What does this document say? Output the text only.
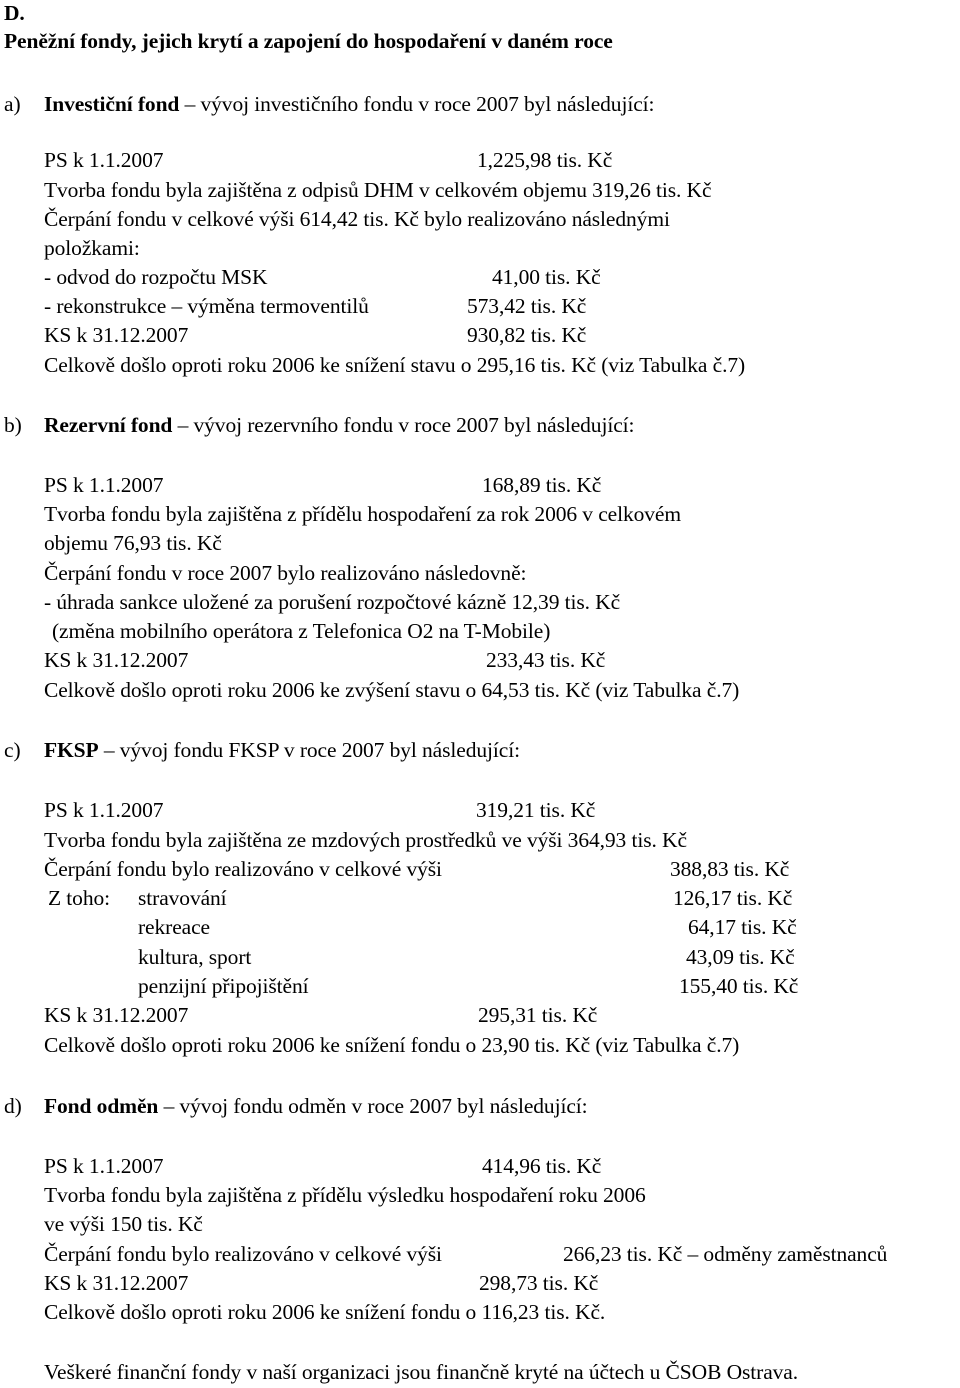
D.
Peněžní fondy, jejich krytí a zapojení do hospodaření v daném roce
a) Investiční fond – vývoj investičního fondu v roce 2007 byl následující:
PS k 1.1.2007	1,225,98 tis. Kč
Tvorba fondu byla zajištěna z odpisů DHM v celkovém objemu 319,26 tis. Kč
Čerpání fondu v celkové výši 614,42 tis. Kč bylo realizováno následnými
položkami:
- odvod do rozpočtu MSK	41,00 tis. Kč
- rekonstrukce – výměna termoventilů	573,42 tis. Kč
KS k 31.12.2007	930,82 tis. Kč
Celkově došlo oproti roku 2006 ke snížení stavu o 295,16 tis. Kč (viz Tabulka č.7)
b) Rezervní fond – vývoj rezervního fondu v roce 2007 byl následující:
PS k 1.1.2007	168,89 tis. Kč
Tvorba fondu byla zajištěna z přídělu hospodaření za rok 2006 v celkovém
objemu 76,93 tis. Kč
Čerpání fondu v roce 2007 bylo realizováno následovně:
- úhrada sankce uložené za porušení rozpočtové kázně 12,39 tis. Kč
(změna mobilního operátora z Telefonica O2 na T-Mobile)
KS k 31.12.2007	233,43 tis. Kč
Celkově došlo oproti roku 2006 ke zvýšení stavu o 64,53 tis. Kč (viz Tabulka č.7)
c) FKSP – vývoj fondu FKSP v roce 2007 byl následující:
PS k 1.1.2007	319,21 tis. Kč
Tvorba fondu byla zajištěna ze mzdových prostředků ve výši 364,93 tis. Kč
Čerpání fondu bylo realizováno v celkové výši	388,83 tis. Kč
Z toho: stravování	126,17 tis. Kč
rekreace	64,17 tis. Kč
kultura, sport	43,09 tis. Kč
penzijní připojištění	155,40 tis. Kč
KS k 31.12.2007	295,31 tis. Kč
Celkově došlo oproti roku 2006 ke snížení fondu o 23,90 tis. Kč (viz Tabulka č.7)
d) Fond odměn – vývoj fondu odměn v roce 2007 byl následující:
PS k 1.1.2007	414,96 tis. Kč
Tvorba fondu byla zajištěna z přídělu výsledku hospodaření roku 2006
ve výši 150 tis. Kč
Čerpání fondu bylo realizováno v celkové výši	266,23 tis. Kč – odměny zaměstnanců
KS k 31.12.2007	298,73 tis. Kč
Celkově došlo oproti roku 2006 ke snížení fondu o 116,23 tis. Kč.
Veškeré finanční fondy v naší organizaci jsou finančně kryté na účtech u ČSOB Ostrava.
